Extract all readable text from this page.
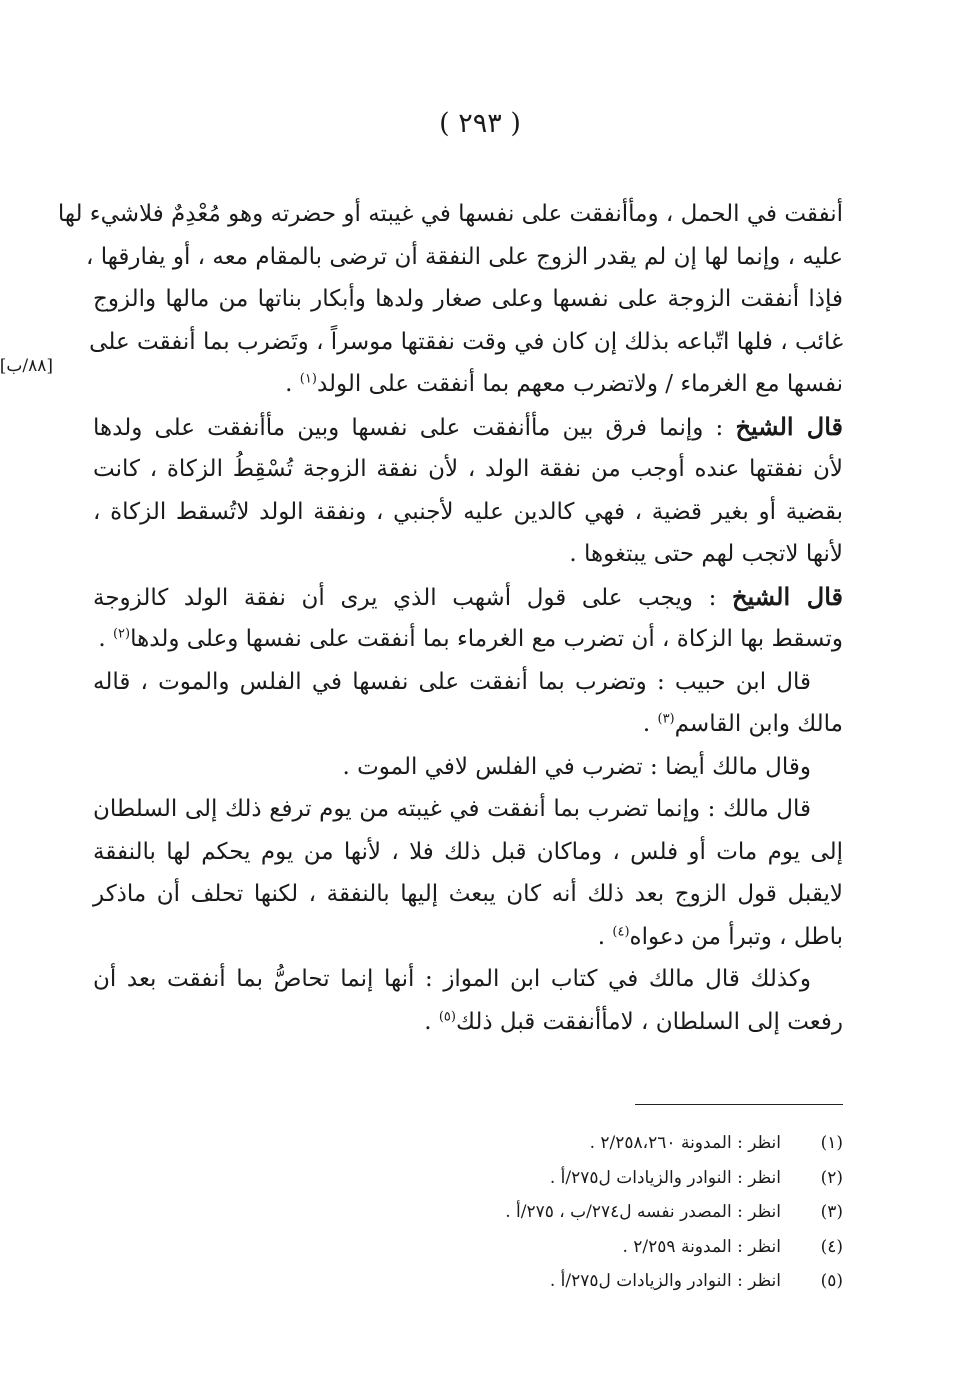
( ٢٩٣ )
[٨٨/ب]
أنفقت في الحمل ، ومأأنفقت على نفسها في غيبته أو حضرته وهو مُعْدِمٌ فلاشيء لها
عليه ، وإنما لها إن لم يقدر الزوج على النفقة أن ترضى بالمقام معه ، أو يفارقها ،
فإذا أنفقت الزوجة على نفسها وعلى صغار ولدها وأبكار بناتها من مالها والزوج
غائب ، فلها اتّباعه بذلك إن كان في وقت نفقتها موسراً ، وتَضرب بما أنفقت على
نفسها مع الغرماء / ولاتضرب معهم بما أنفقت على الولد$^{(١)}$ .
قال الشيخ : وإنما فرق بين مأأنفقت على نفسها وبين مأأنفقت على ولدها
لأن نفقتها عنده أوجب من نفقة الولد ، لأن نفقة الزوجة تُسْقِطُ الزكاة ، كانت
بقضية أو بغير قضية ، فهي كالدين عليه لأجنبي ، ونفقة الولد لاتُسقط الزكاة ،
لأنها لاتجب لهم حتى يبتغوها .
قال الشيخ : ويجب على قول أشهب الذي يرى أن نفقة الولد كالزوجة
وتسقط بها الزكاة ، أن تضرب مع الغرماء بما أنفقت على نفسها وعلى ولدها$^{(٢)}$ .
قال ابن حبيب : وتضرب بما أنفقت على نفسها في الفلس والموت ، قاله
مالك وابن القاسم$^{(٣)}$ .
وقال مالك أيضا : تضرب في الفلس لافي الموت .
قال مالك : وإنما تضرب بما أنفقت في غيبته من يوم ترفع ذلك إلى السلطان
إلى يوم مات أو فلس ، وماكان قبل ذلك فلا ، لأنها من يوم يحكم لها بالنفقة
لايقبل قول الزوج بعد ذلك أنه كان يبعث إليها بالنفقة ، لكنها تحلف أن ماذكر
باطل ، وتبرأ من دعواه$^{(٤)}$ .
وكذلك قال مالك في كتاب ابن المواز : أنها إنما تحاصُّ بما أنفقت بعد أن
رفعت إلى السلطان ، لامأأنفقت قبل ذلك$^{(٥)}$ .
(١)انظر : المدونة ٢/٢٥٨،٢٦٠ .
(٢)انظر : النوادر والزيادات ل٢٧٥/أ .
(٣)انظر : المصدر نفسه ل٢٧٤/ب ، ٢٧٥/أ .
(٤)انظر : المدونة ٢/٢٥٩ .
(٥)انظر : النوادر والزيادات ل٢٧٥/أ .
